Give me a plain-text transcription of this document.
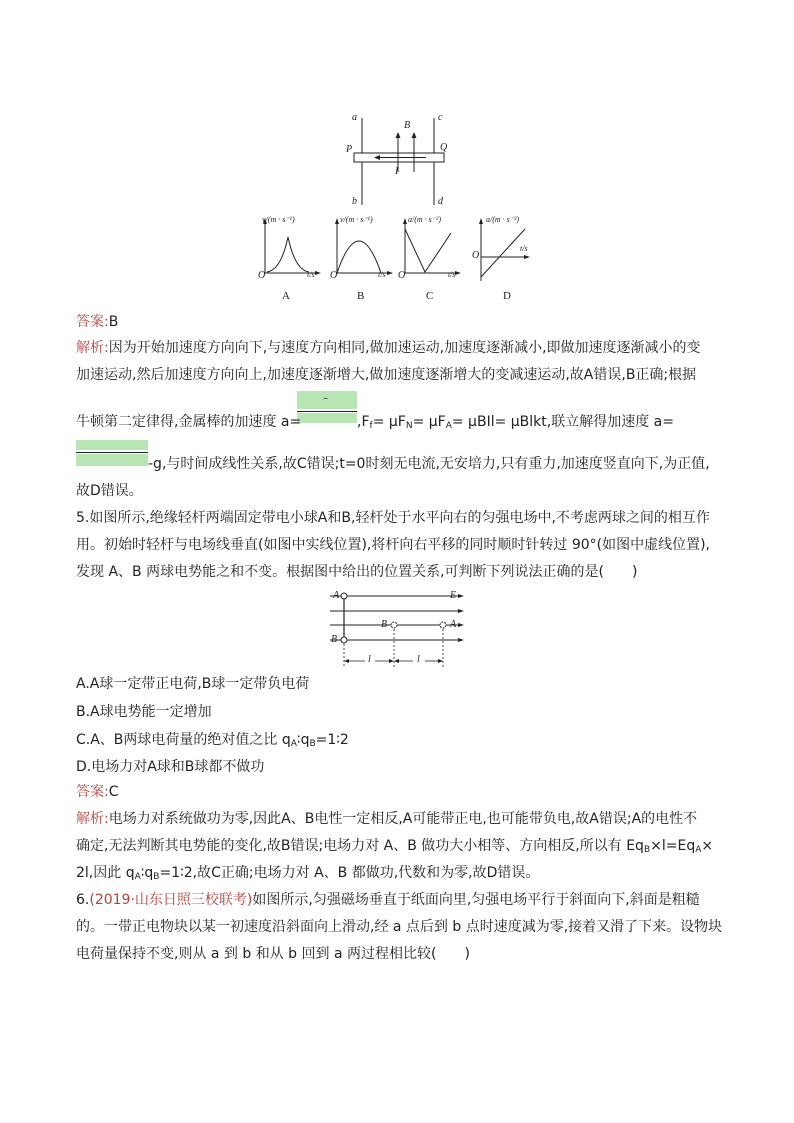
a
b
c
d
P	Q
B
I
v/(m · s⁻¹)
t/s
O
A
v/(m · s⁻¹)
t/s
O
B
a/(m · s⁻²)
t/s
O
C
a/(m · s⁻²)
t/s
O
D
答案:B
解析:因为开始加速度方向向下,与速度方向相同,做加速运动,加速度逐渐减小,即做加速度逐渐减小的变
加速运动,然后加速度方向向上,加速度逐渐增大,做加速度逐渐增大的变减速运动,故A错误,B正确;根据
–
牛顿第二定律得,金属棒的加速度 a=	$,F_f= \mu F_N= \mu F_A= \mu BIl=$ μBlkt,联立解得加速度 a=
-g,与时间成线性关系,故C错误;t=0时刻无电流,无安培力,只有重力,加速度竖直向下,为正值,
故D错误。
5.如图所示,绝缘轻杆两端固定带电小球A和B,轻杆处于水平向右的匀强电场中,不考虑两球之间的相互作
用。初始时轻杆与电场线垂直(如图中实线位置),将杆向右平移的同时顺时针转过 90°(如图中虚线位置),
发现 A、B 两球电势能之和不变。根据图中给出的位置关系,可判断下列说法正确的是(　　)
A
B
B	A
E
l	l
A.A球一定带正电荷,B球一定带负电荷
B.A球电势能一定增加
C.A、B两球电荷量的绝对值之比 $q_A∶q_B=1∶2$
D.电场力对A球和B球都不做功
答案:C
解析:电场力对系统做功为零,因此A、B电性一定相反,A可能带正电,也可能带负电,故A错误;A的电性不
确定,无法判断其电势能的变化,故B错误;电场力对 A、B 做功大小相等、方向相反,所以有 $Eq_B\times l=Eq_A\times$
2l,因此 $q_A∶q_B=1∶2$,故C正确;电场力对 A、B 都做功,代数和为零,故D错误。
6.(2019·山东日照三校联考)如图所示,匀强磁场垂直于纸面向里,匀强电场平行于斜面向下,斜面是粗糙
的。一带正电物块以某一初速度沿斜面向上滑动,经 a 点后到 b 点时速度减为零,接着又滑了下来。设物块
电荷量保持不变,则从 a 到 b 和从 b 回到 a 两过程相比较(　　)
